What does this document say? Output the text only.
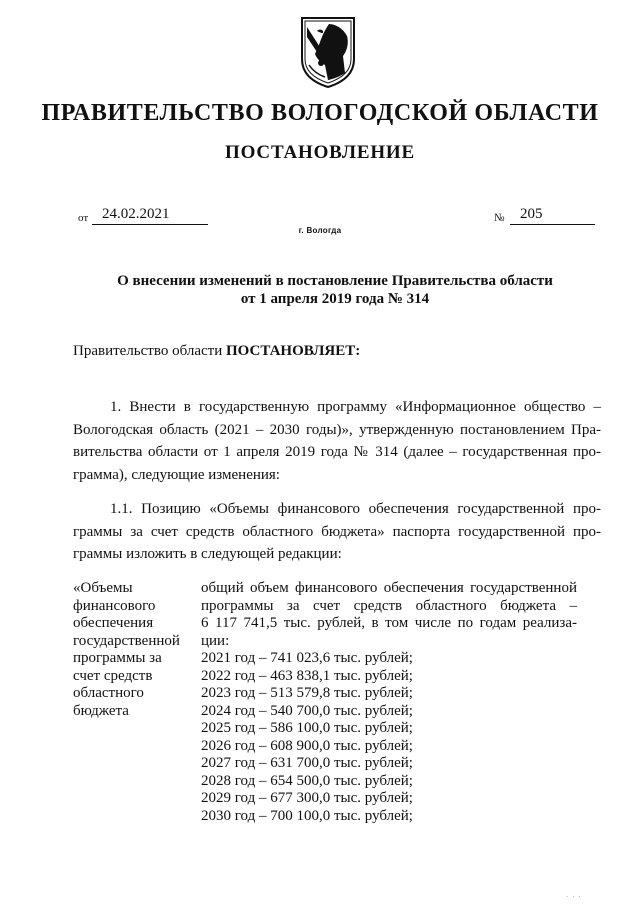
ПРАВИТЕЛЬСТВО ВОЛОГОДСКОЙ ОБЛАСТИ
ПОСТАНОВЛЕНИЕ
от 24.02.2021	№	205
г. Вологда
О внесении изменений в постановление Правительства области
от 1 апреля 2019 года № 314
Правительство области ПОСТАНОВЛЯЕТ:
1. Внести в государственную программу «Информационное общество –
Вологодская область (2021 – 2030 годы)», утвержденную постановлением Пра-
вительства области от 1 апреля 2019 года № 314 (далее – государственная про-
грамма), следующие изменения:
1.1. Позицию «Объемы финансового обеспечения государственной про-
граммы за счет средств областного бюджета» паспорта государственной про-
граммы изложить в следующей редакции:
«Объемы
финансового
обеспечения
государственной
программы за
счет средств
областного
бюджета
общий объем финансового обеспечения государственной
программы за счет средств областного бюджета –
6 117 741,5 тыс. рублей, в том числе по годам реализа-
ции:
2021 год – 741 023,6 тыс. рублей;
2022 год – 463 838,1 тыс. рублей;
2023 год – 513 579,8 тыс. рублей;
2024 год – 540 700,0 тыс. рублей;
2025 год – 586 100,0 тыс. рублей;
2026 год – 608 900,0 тыс. рублей;
2027 год – 631 700,0 тыс. рублей;
2028 год – 654 500,0 тыс. рублей;
2029 год – 677 300,0 тыс. рублей;
2030 год – 700 100,0 тыс. рублей;
· · ·
